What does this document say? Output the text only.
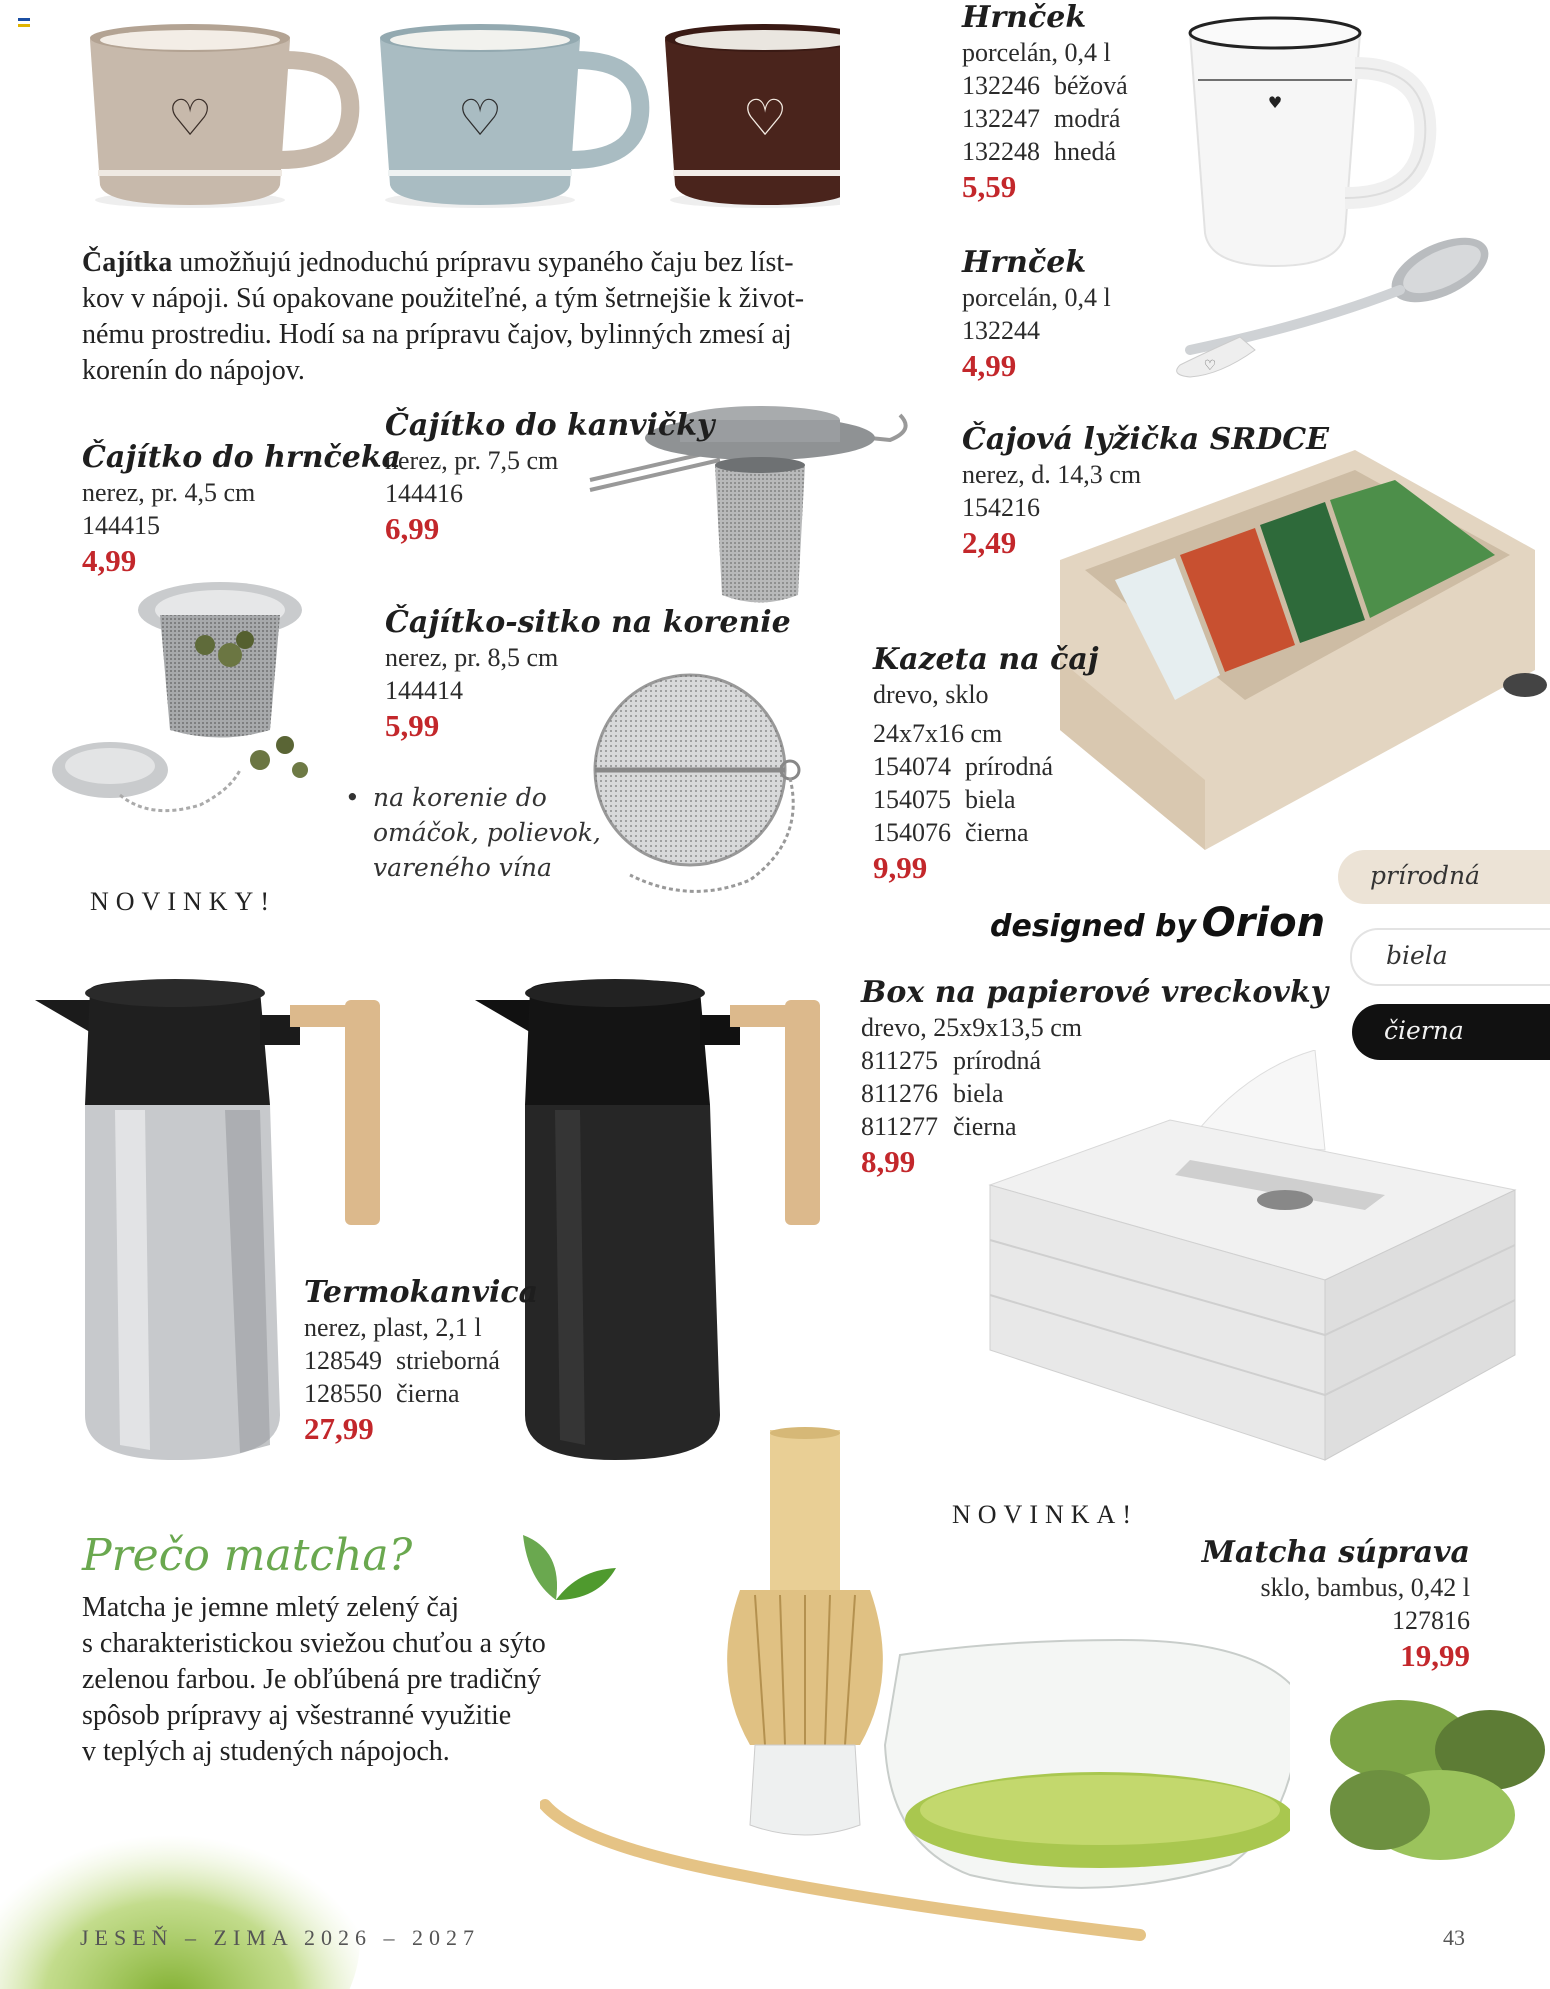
♡	♡	♡	♥
♡
Čajítka umožňujú jednoduchú prípravu sypaného čaju bez líst-
kov v nápoji. Sú opakovane použiteľné, a tým šetrnejšie k život-
nému prostrediu. Hodí sa na prípravu čajov, bylinných zmesí aj
korenín do nápojov.
Hrnček
porcelán, 0,4 l
132246 béžová
132247 modrá
132248 hnedá
5,59
Hrnček
porcelán, 0,4 l
132244
4,99
Čajová lyžička SRDCE
nerez, d. 14,3 cm
154216
2,49
Čajítko do kanvičky
nerez, pr. 7,5 cm
144416
6,99
Čajítko do hrnčeka
nerez, pr. 4,5 cm
144415
4,99
Čajítko-sitko na korenie
nerez, pr. 8,5 cm
144414
5,99
• na korenie do
omáčok, polievok,
vareného vína
NOVINKY!
Kazeta na čaj
drevo, sklo
24x7x16 cm
154074 prírodná
154075 biela
154076 čierna
9,99
designed by Orion
prírodná
biela
čierna
Box na papierové vreckovky
drevo, 25x9x13,5 cm
811275 prírodná
811276 biela
811277 čierna
8,99
Termokanvica
nerez, plast, 2,1 l
128549 strieborná
128550 čierna
27,99
NOVINKA!
Matcha súprava
sklo, bambus, 0,42 l
127816
19,99
Prečo matcha?
Matcha je jemne mletý zelený čaj
s charakteristickou sviežou chuťou a sýto
zelenou farbou. Je obľúbená pre tradičný
spôsob prípravy aj všestranné využitie
v teplých aj studených nápojoch.
JESEŇ – ZIMA 2026 – 2027	43
